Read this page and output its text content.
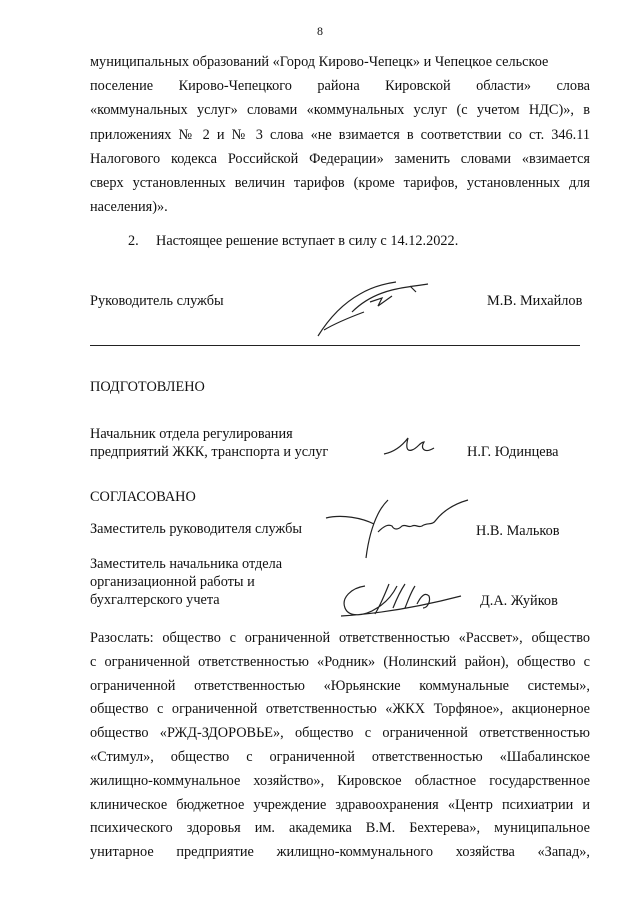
8
муниципальных образований «Город Кирово-Чепецк» и Чепецкое сельское
поселение Кирово-Чепецкого района Кировской области» слова
«коммунальных услуг» словами «коммунальных услуг (с учетом НДС)», в
приложениях № 2 и № 3 слова «не взимается в соответствии со ст. 346.11
Налогового кодекса Российской Федерации» заменить словами «взимается
сверх установленных величин тарифов (кроме тарифов, установленных для
населения)».
2. Настоящее решение вступает в силу с 14.12.2022.
Руководитель службы	М.В. Михайлов
ПОДГОТОВЛЕНО
Начальник отдела регулирования
предприятий ЖКК, транспорта и услуг	Н.Г. Юдинцева
СОГЛАСОВАНО
Заместитель руководителя службы	Н.В. Мальков
Заместитель начальника отдела
организационной работы и
бухгалтерского учета	Д.А. Жуйков
Разослать: общество с ограниченной ответственностью «Рассвет», общество
с ограниченной ответственностью «Родник» (Нолинский район), общество с
ограниченной ответственностью «Юрьянские коммунальные системы»,
общество с ограниченной ответственностью «ЖКХ Торфяное», акционерное
общество «РЖД-ЗДОРОВЬЕ», общество с ограниченной ответственностью
«Стимул», общество с ограниченной ответственностью «Шабалинское
жилищно-коммунальное хозяйство», Кировское областное государственное
клиническое бюджетное учреждение здравоохранения «Центр психиатрии и
психического здоровья им. академика В.М. Бехтерева», муниципальное
унитарное предприятие жилищно-коммунального хозяйства «Запад»,
